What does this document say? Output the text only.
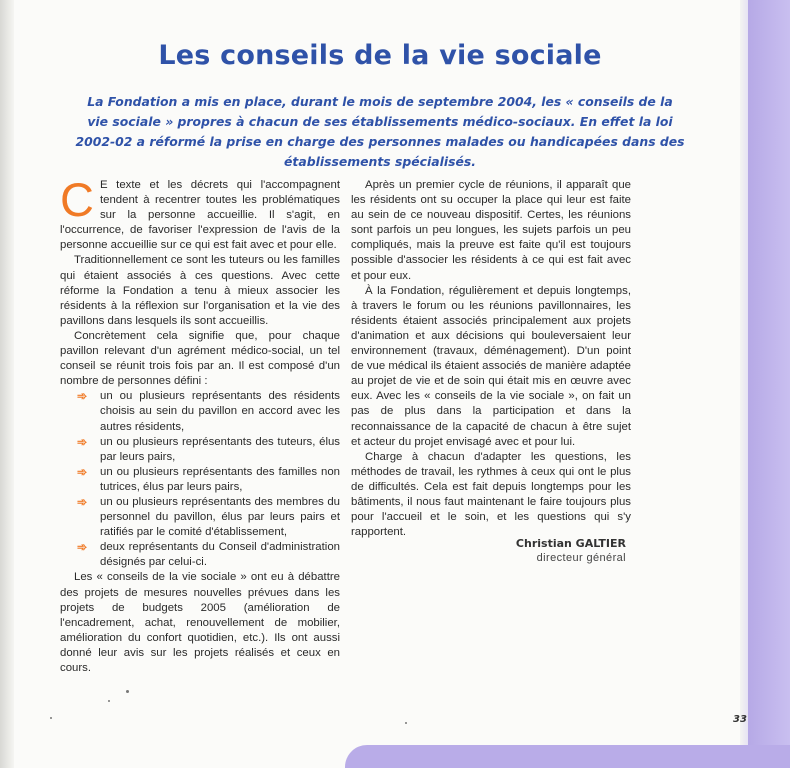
Les conseils de la vie sociale

La Fondation a mis en place, durant le mois de septembre 2004, les « conseils de la vie sociale » propres à chacun de ses établissements médico-sociaux. En effet la loi 2002-02 a réformé la prise en charge des personnes malades ou handicapées dans des établissements spécialisés.

C E texte et les décrets qui l'accompagnent tendent à recentrer toutes les problématiques sur la personne accueillie. Il s'agit, en l'occurrence, de favoriser l'expression de l'avis de la personne accueillie sur ce qui est fait avec et pour elle.

Traditionnellement ce sont les tuteurs ou les familles qui étaient associés à ces questions. Avec cette réforme la Fondation a tenu à mieux associer les résidents à la réflexion sur l'organisation et la vie des pavillons dans lesquels ils sont accueillis.

Concrètement cela signifie que, pour chaque pavillon relevant d'un agrément médico-social, un tel conseil se réunit trois fois par an. Il est composé d'un nombre de personnes défini :

➾ un ou plusieurs représentants des résidents choisis au sein du pavillon en accord avec les autres résidents,
➾ un ou plusieurs représentants des tuteurs, élus par leurs pairs,
➾ un ou plusieurs représentants des familles non tutrices, élus par leurs pairs,
➾ un ou plusieurs représentants des membres du personnel du pavillon, élus par leurs pairs et ratifiés par le comité d'établissement,
➾ deux représentants du Conseil d'administration désignés par celui-ci.

Les « conseils de la vie sociale » ont eu à débattre des projets de mesures nouvelles prévues dans les projets de budgets 2005 (amélioration de l'encadrement, achat, renouvellement de mobilier, amélioration du confort quotidien, etc.). Ils ont aussi donné leur avis sur les projets réalisés et ceux en cours.

Après un premier cycle de réunions, il apparaît que les résidents ont su occuper la place qui leur est faite au sein de ce nouveau dispositif. Certes, les réunions sont parfois un peu longues, les sujets parfois un peu compliqués, mais la preuve est faite qu'il est toujours possible d'associer les résidents à ce qui est fait avec et pour eux.

À la Fondation, régulièrement et depuis longtemps, à travers le forum ou les réunions pavillonnaires, les résidents étaient associés principalement aux projets d'animation et aux décisions qui bouleversaient leur environnement (travaux, déménagement). D'un point de vue médical ils étaient associés de manière adaptée au projet de vie et de soin qui était mis en œuvre avec eux. Avec les « conseils de la vie sociale », on fait un pas de plus dans la participation et dans la reconnaissance de la capacité de chacun à être sujet et acteur du projet envisagé avec et pour lui.

Charge à chacun d'adapter les questions, les méthodes de travail, les rythmes à ceux qui ont le plus de difficultés. Cela est fait depuis longtemps pour les bâtiments, il nous faut maintenant le faire toujours plus pour l'accueil et le soin, et les questions qui s'y rapportent.

Christian GALTIER
directeur général
33
